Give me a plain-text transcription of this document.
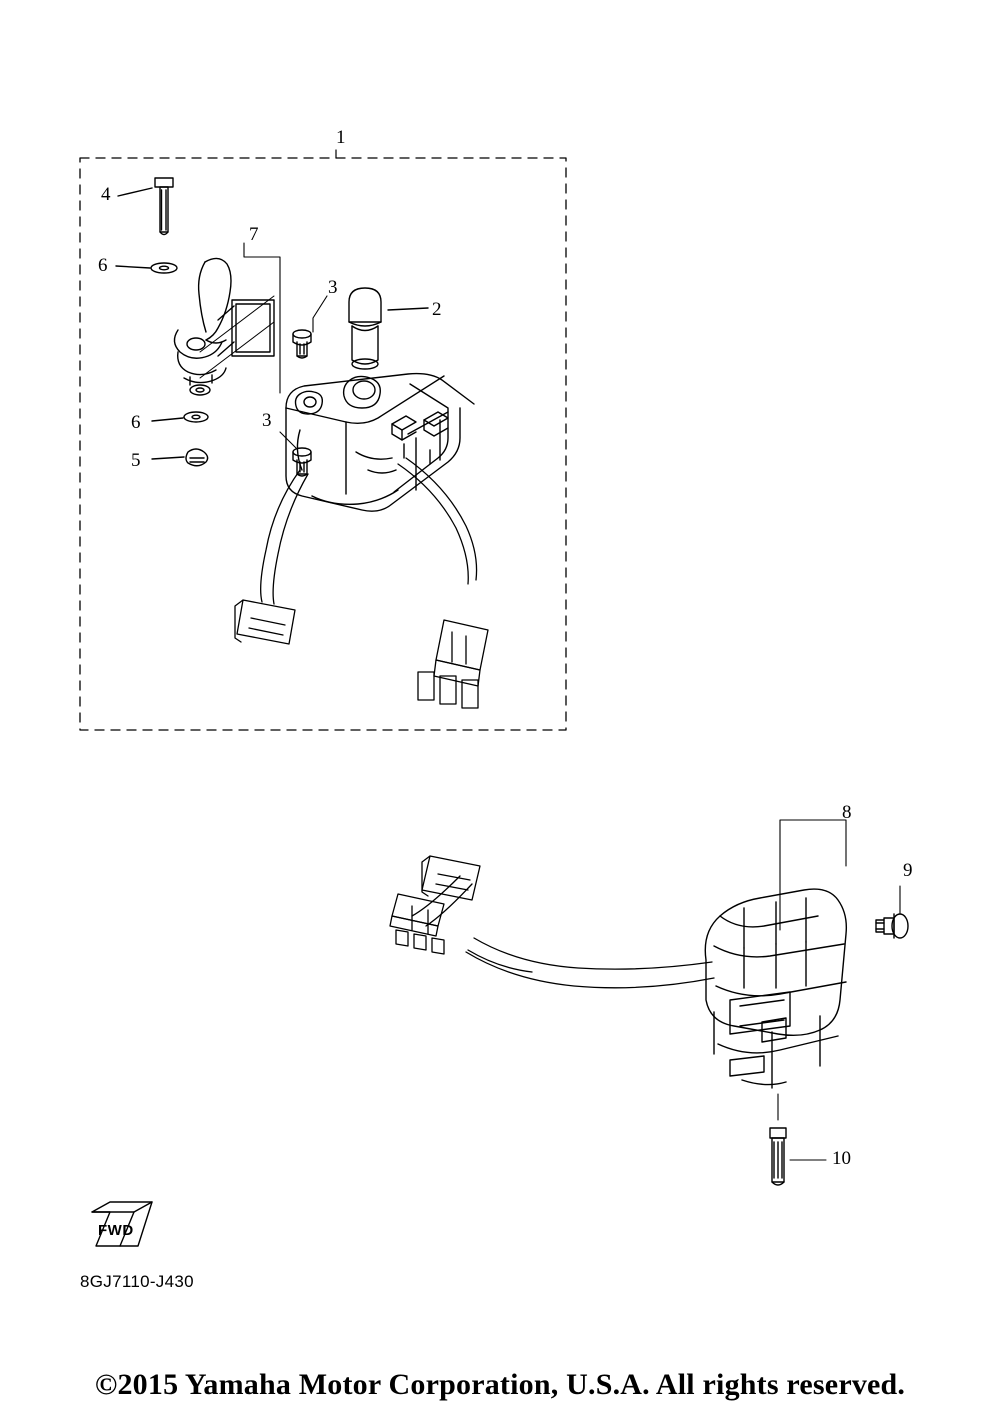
1
4
6
7
3
2
6	3
5
8
9
10
FWD
8GJ7110-J430
©2015 Yamaha Motor Corporation, U.S.A. All rights reserved.
